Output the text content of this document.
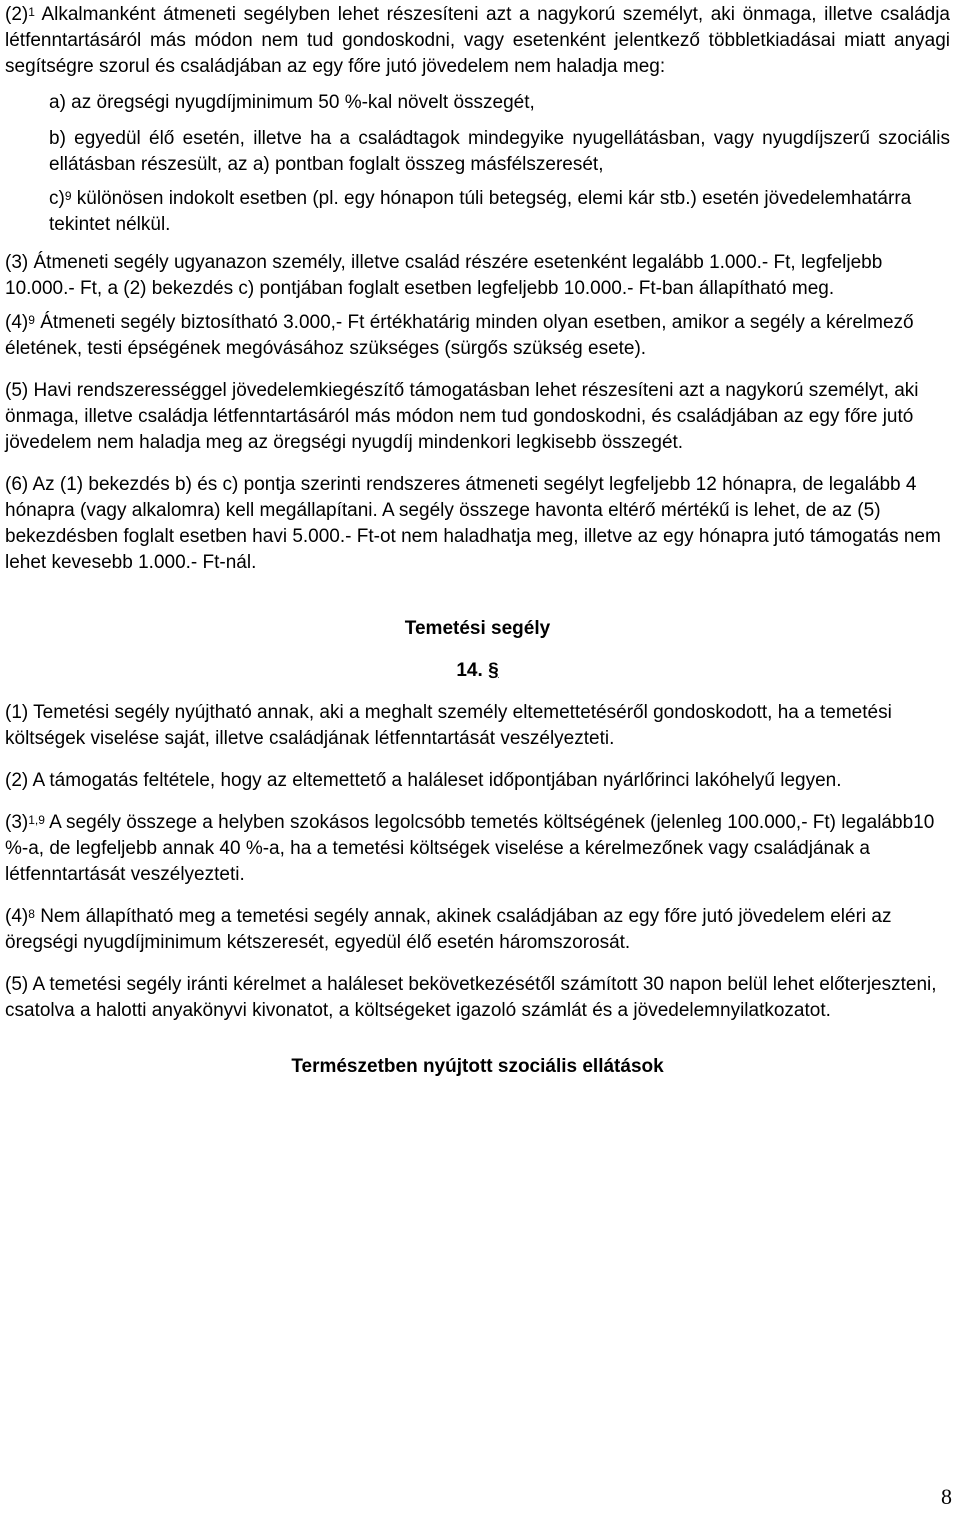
$(2)^1$ Alkalmanként átmeneti segélyben lehet részesíteni azt a nagykorú személyt, aki önmaga, illetve családja létfenntartásáról más módon nem tud gondoskodni, vagy esetenként jelentkező többletkiadásai miatt anyagi segítségre szorul és családjában az egy főre jutó jövedelem nem haladja meg:

a) az öregségi nyugdíjminimum 50 %-kal növelt összegét,

b) egyedül élő esetén, illetve ha a családtagok mindegyike nyugellátásban, vagy nyugdíjszerű szociális ellátásban részesült, az a) pontban foglalt összeg másfélszeresét,

c)$^9$ különösen indokolt esetben (pl. egy hónapon túli betegség, elemi kár stb.) esetén jövedelemhatárra tekintet nélkül.

(3) Átmeneti segély ugyanazon személy, illetve család részére esetenként legalább 1.000.- Ft, legfeljebb 10.000.- Ft, a (2) bekezdés c) pontjában foglalt esetben legfeljebb 10.000.- Ft-ban állapítható meg.

$(4)^9$ Átmeneti segély biztosítható 3.000,- Ft értékhatárig minden olyan esetben, amikor a segély a kérelmező életének, testi épségének megóvásához szükséges (sürgős szükség esete).

(5) Havi rendszerességgel jövedelemkiegészítő támogatásban lehet részesíteni azt a nagykorú személyt, aki önmaga, illetve családja létfenntartásáról más módon nem tud gondoskodni, és családjában az egy főre jutó jövedelem nem haladja meg az öregségi nyugdíj mindenkori legkisebb összegét.

(6) Az (1) bekezdés b) és c) pontja szerinti rendszeres átmeneti segélyt legfeljebb 12 hónapra, de legalább 4 hónapra (vagy alkalomra) kell megállapítani. A segély összege havonta eltérő mértékű is lehet, de az (5) bekezdésben foglalt esetben havi 5.000.- Ft-ot nem haladhatja meg, illetve az egy hónapra jutó támogatás nem lehet kevesebb 1.000.- Ft-nál.

Temetési segély

14. §

(1) Temetési segély nyújtható annak, aki a meghalt személy eltemettetéséről gondoskodott, ha a temetési költségek viselése saját, illetve családjának létfenntartását veszélyezteti.

(2) A támogatás feltétele, hogy az eltemettető a haláleset időpontjában nyárlőrinci lakóhelyű legyen.

$(3)^{1,9}$ A segély összege a helyben szokásos legolcsóbb temetés költségének (jelenleg 100.000,- Ft) legalább10 %-a, de legfeljebb annak 40 %-a, ha a temetési költségek viselése a kérelmezőnek vagy családjának a létfenntartását veszélyezteti.

$(4)^8$ Nem állapítható meg a temetési segély annak, akinek családjában az egy főre jutó jövedelem eléri az öregségi nyugdíjminimum kétszeresét, egyedül élő esetén háromszorosát.

(5) A temetési segély iránti kérelmet a haláleset bekövetkezésétől számított 30 napon belül lehet előterjeszteni, csatolva a halotti anyakönyvi kivonatot, a költségeket igazoló számlát és a jövedelemnyilatkozatot.

Természetben nyújtott szociális ellátások

8
